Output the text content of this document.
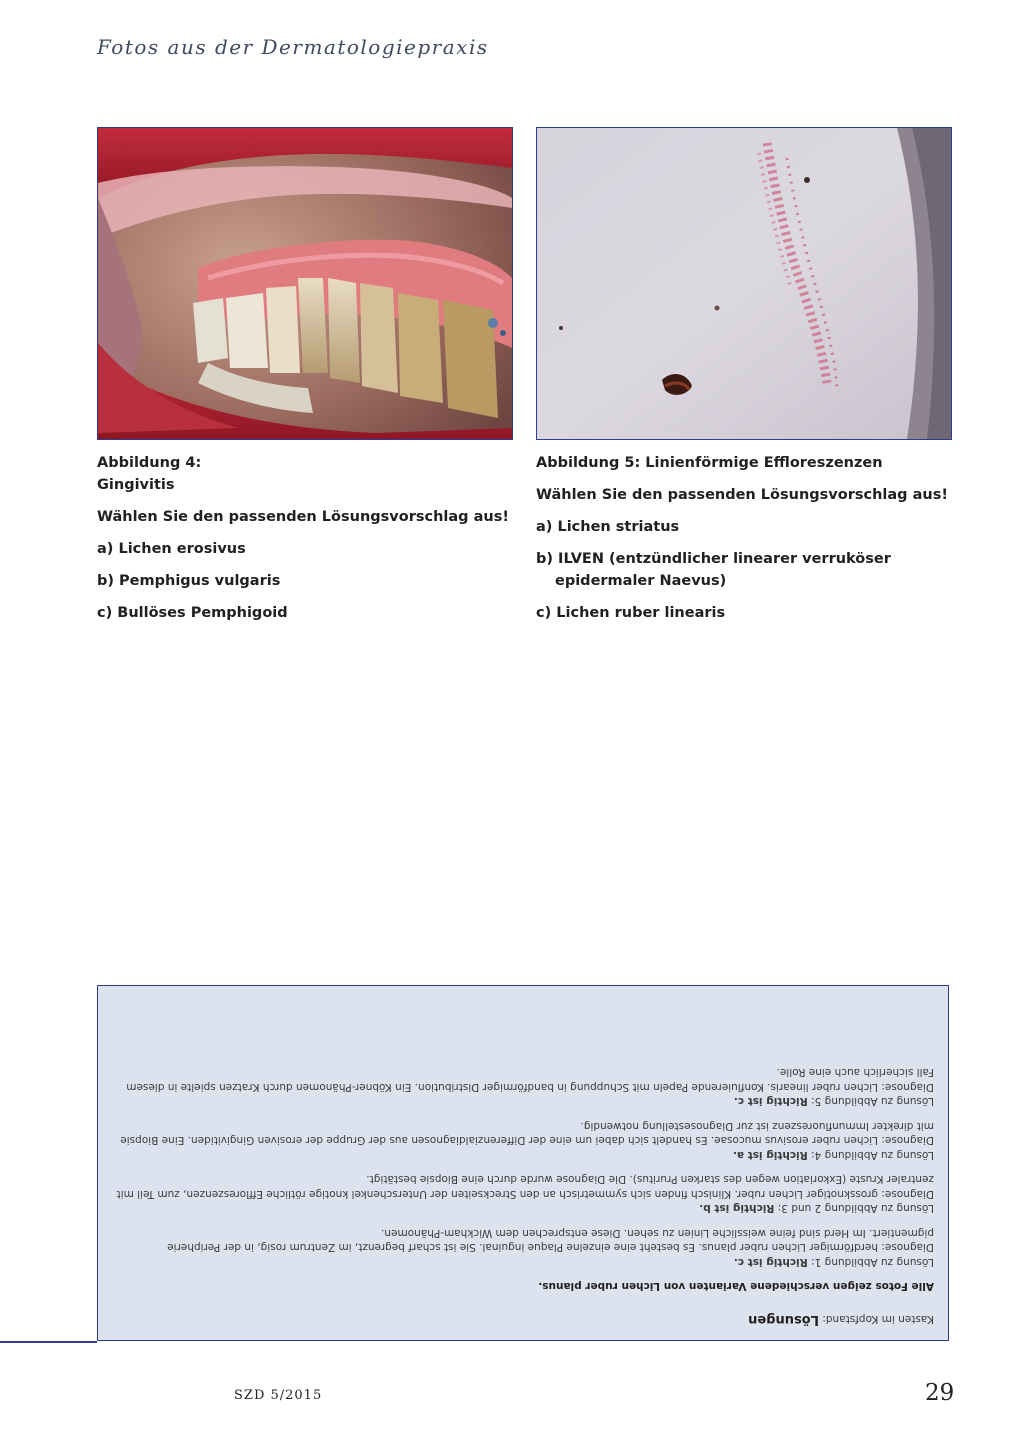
Fotos aus der Dermatologiepraxis
Abbildung 4:

Gingivitis

Wählen Sie den passenden Lösungsvorschlag aus!

a) Lichen erosivus

b) Pemphigus vulgaris

c) Bullöses Pemphigoid

Abbildung 5: Linienförmige Effloreszenzen

Wählen Sie den passenden Lösungsvorschlag aus!

a) Lichen striatus

b) ILVEN (entzündlicher linearer verruköser epidermaler Naevus)

c) Lichen ruber linearis

Kasten im Kopfstand: Lösungen

Alle Fotos zeigen verschiedene Varianten von Lichen ruber planus.

Lösung zu Abbildung 1: Richtig ist c.

Diagnose: herdförmiger Lichen ruber planus. Es besteht eine einzelne Plaque inguinal. Sie ist scharf begrenzt, im Zentrum rosig, in der Peripherie pigmentiert. Im Herd sind feine weissliche Linien zu sehen. Diese entsprechen dem Wickham-Phänomen.

Lösung zu Abbildung 2 und 3: Richtig ist b.

Diagnose: grossknotiger Lichen ruber. Klinisch finden sich symmetrisch an den Streckseiten der Unterschenkel knotige rötliche Effloreszenzen, zum Teil mit zentraler Kruste (Exkoriation wegen des starken Pruritus). Die Diagnose wurde durch eine Biopsie bestätigt.

Lösung zu Abbildung 4: Richtig ist a.

Diagnose: Lichen ruber erosivus mucosae. Es handelt sich dabei um eine der Differenzialdiagnosen aus der Gruppe der erosiven Gingivitiden. Eine Biopsie mit direkter Immunfluoreszenz ist zur Diagnosestellung notwendig.

Lösung zu Abbildung 5: Richtig ist c.

Diagnose: Lichen ruber linearis. Konfluierende Papeln mit Schuppung in bandförmiger Distribution. Ein Köbner-Phänomen durch Kratzen spielte in diesem Fall sicherlich auch eine Rolle.

SZD 5/2015	29
